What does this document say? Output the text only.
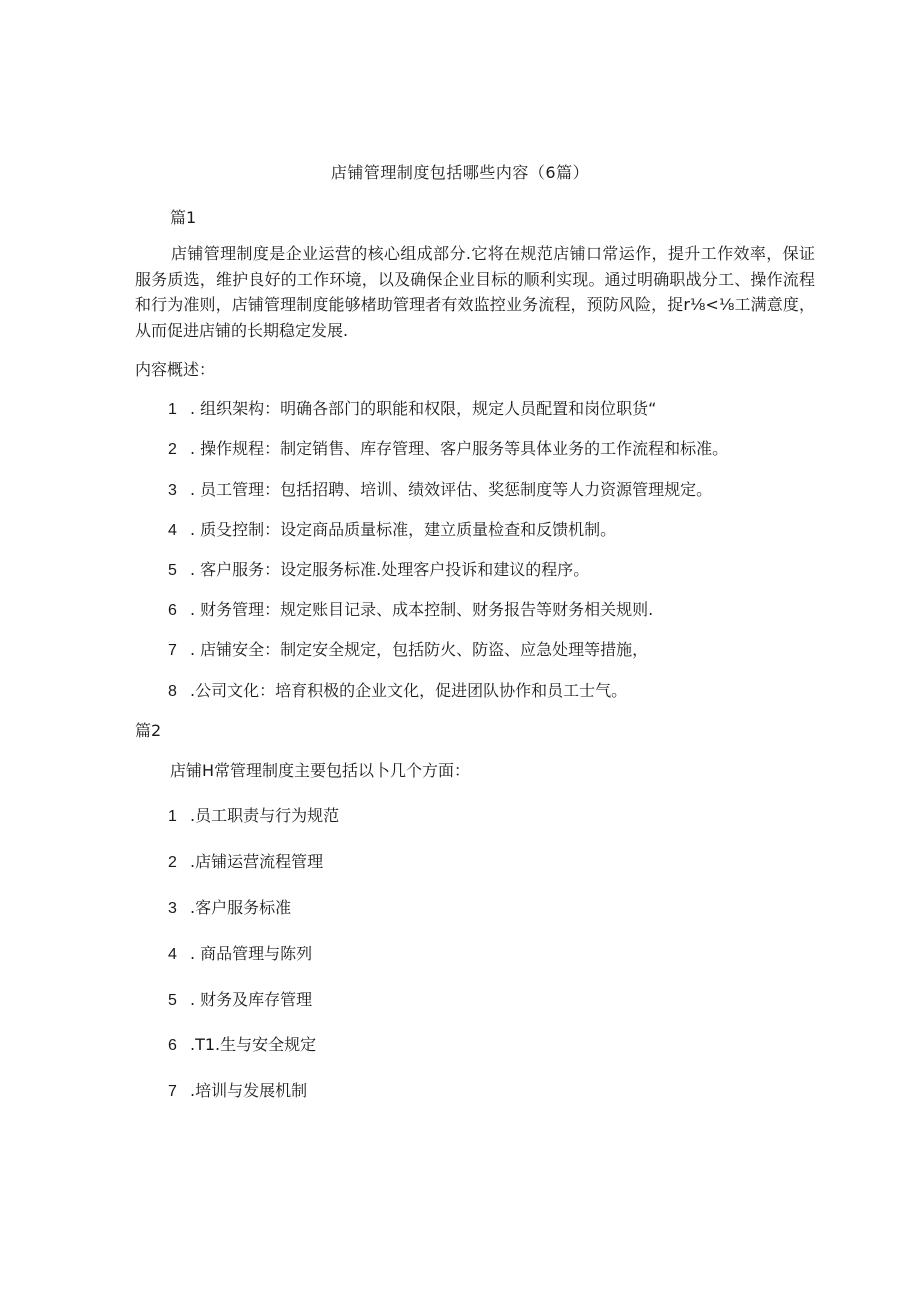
店铺管理制度包括哪些内容（6篇）
篇1
店铺管理制度是企业运营的核心组成部分.它将在规范店铺口常运作，提升工作效率，保证服务质选，维护良好的工作环境，以及确保企业目标的顺利实现。通过明确职战分工、操作流程和行为准则，店铺管理制度能够楮助管理者有效监控业务流程，预防风险，捉r⅛<⅛工满意度，从而促进店铺的长期稳定发展.
内容概述：
1 . 组织架构：明确各部门的职能和权限，规定人员配置和岗位职货“
2 . 操作规程：制定销售、库存管理、客户服务等具体业务的工作流程和标准。
3 . 员工管理：包括招聘、培训、绩效评估、奖惩制度等人力资源管理规定。
4 . 质殳控制：设定商品质量标准，建立质量检查和反馈机制。
5 . 客户服务：设定服务标准.处理客户投诉和建议的程序。
6 . 财务管理：规定账目记录、成本控制、财务报告等财务相关规则.
7 . 店铺安全：制定安全规定，包括防火、防盗、应急处理等措施，
8 .公司文化：培育积极的企业文化，促进团队协作和员工士气。
篇2
店铺H常管理制度主要包括以卜几个方面：
1 .员工职责与行为规范
2 .店铺运营流程管理
3 .客户服务标准
4 . 商品管理与陈列
5 . 财务及库存管理
6 .T1.生与安全规定
7 .培训与发展机制
